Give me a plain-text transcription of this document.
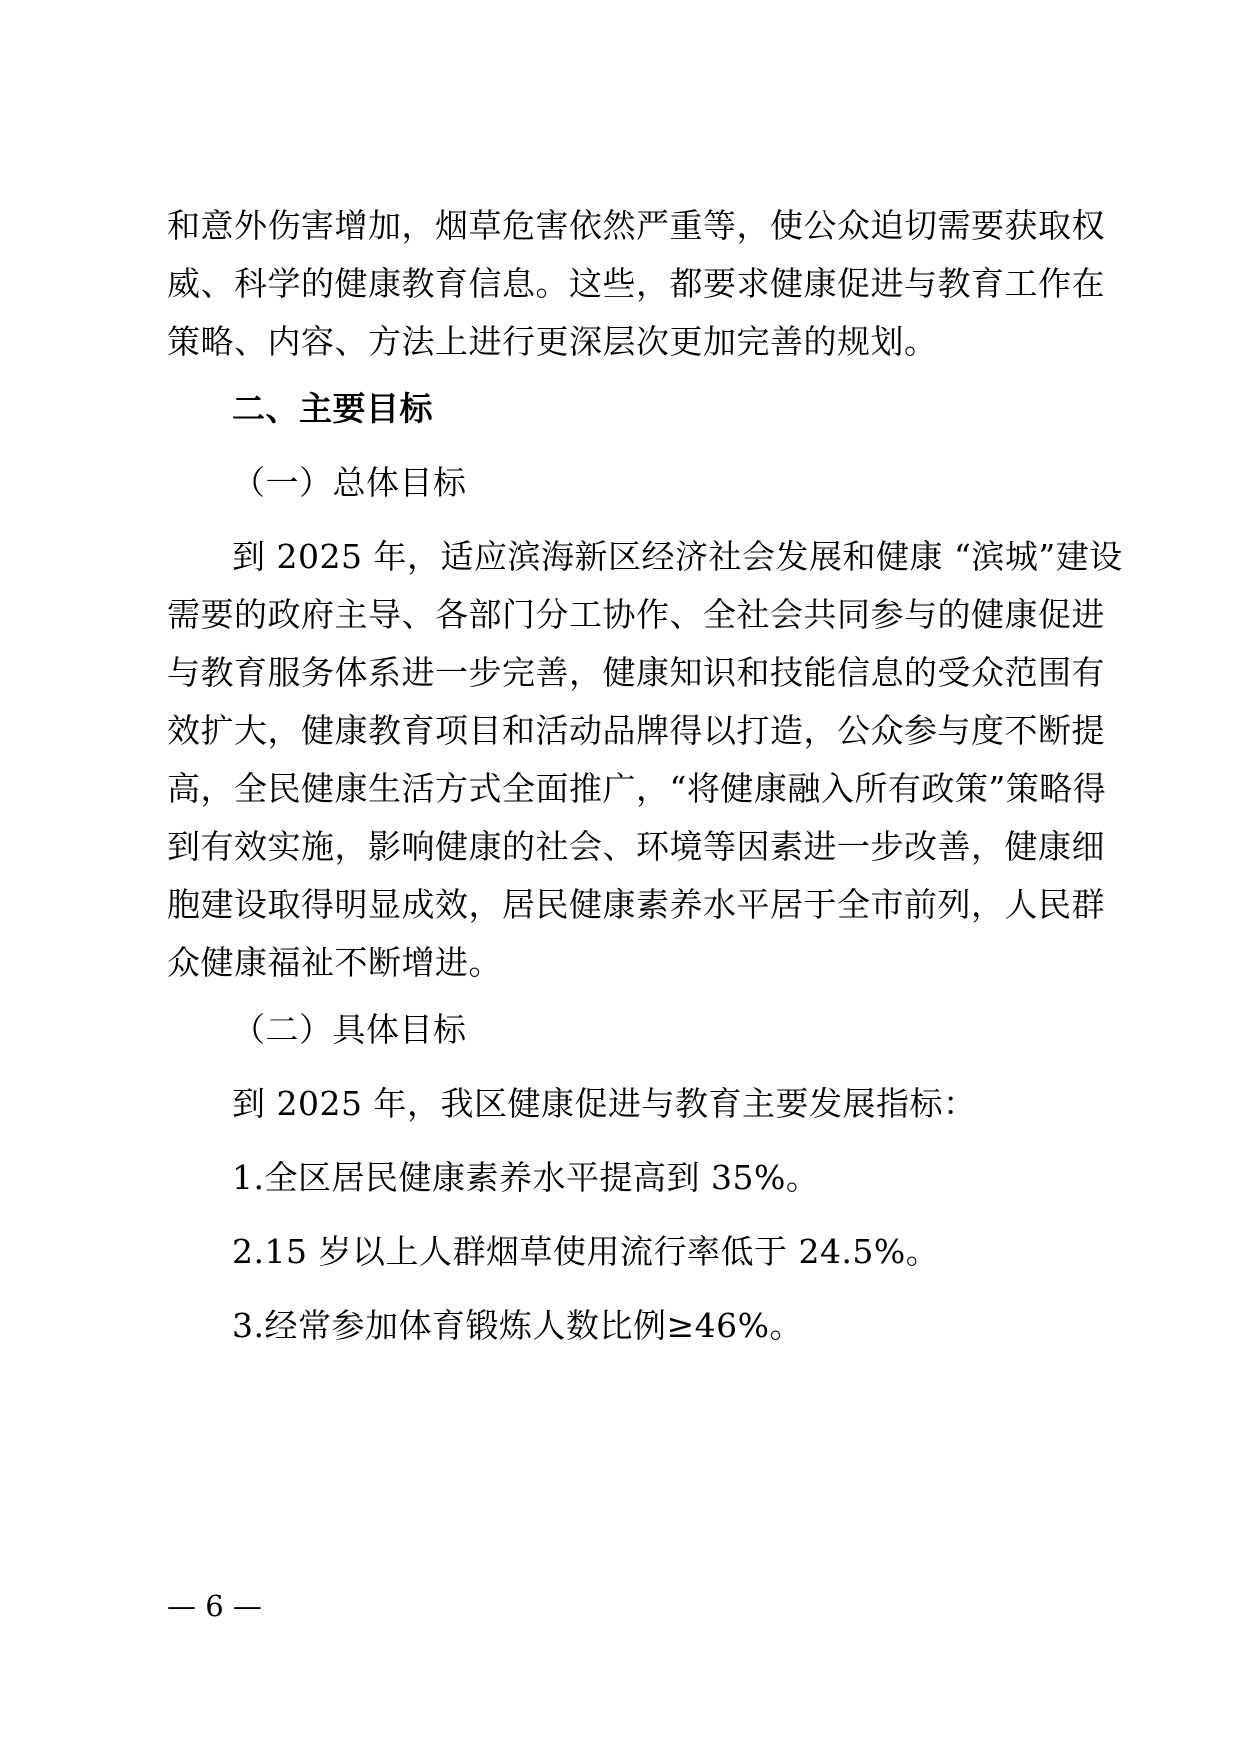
和意外伤害增加，烟草危害依然严重等，使公众迫切需要获取权
威、科学的健康教育信息。这些，都要求健康促进与教育工作在
策略、内容、方法上进行更深层次更加完善的规划。
二、主要目标
（一）总体目标
到 2025 年，适应滨海新区经济社会发展和健康 “滨城”建设
需要的政府主导、各部门分工协作、全社会共同参与的健康促进
与教育服务体系进一步完善，健康知识和技能信息的受众范围有
效扩大，健康教育项目和活动品牌得以打造，公众参与度不断提
高，全民健康生活方式全面推广，“将健康融入所有政策”策略得
到有效实施，影响健康的社会、环境等因素进一步改善，健康细
胞建设取得明显成效，居民健康素养水平居于全市前列，人民群
众健康福祉不断增进。
（二）具体目标
到 2025 年，我区健康促进与教育主要发展指标：
1.全区居民健康素养水平提高到 35%。
2.15 岁以上人群烟草使用流行率低于 24.5%。
3.经常参加体育锻炼人数比例≥46%。
— 6 —
